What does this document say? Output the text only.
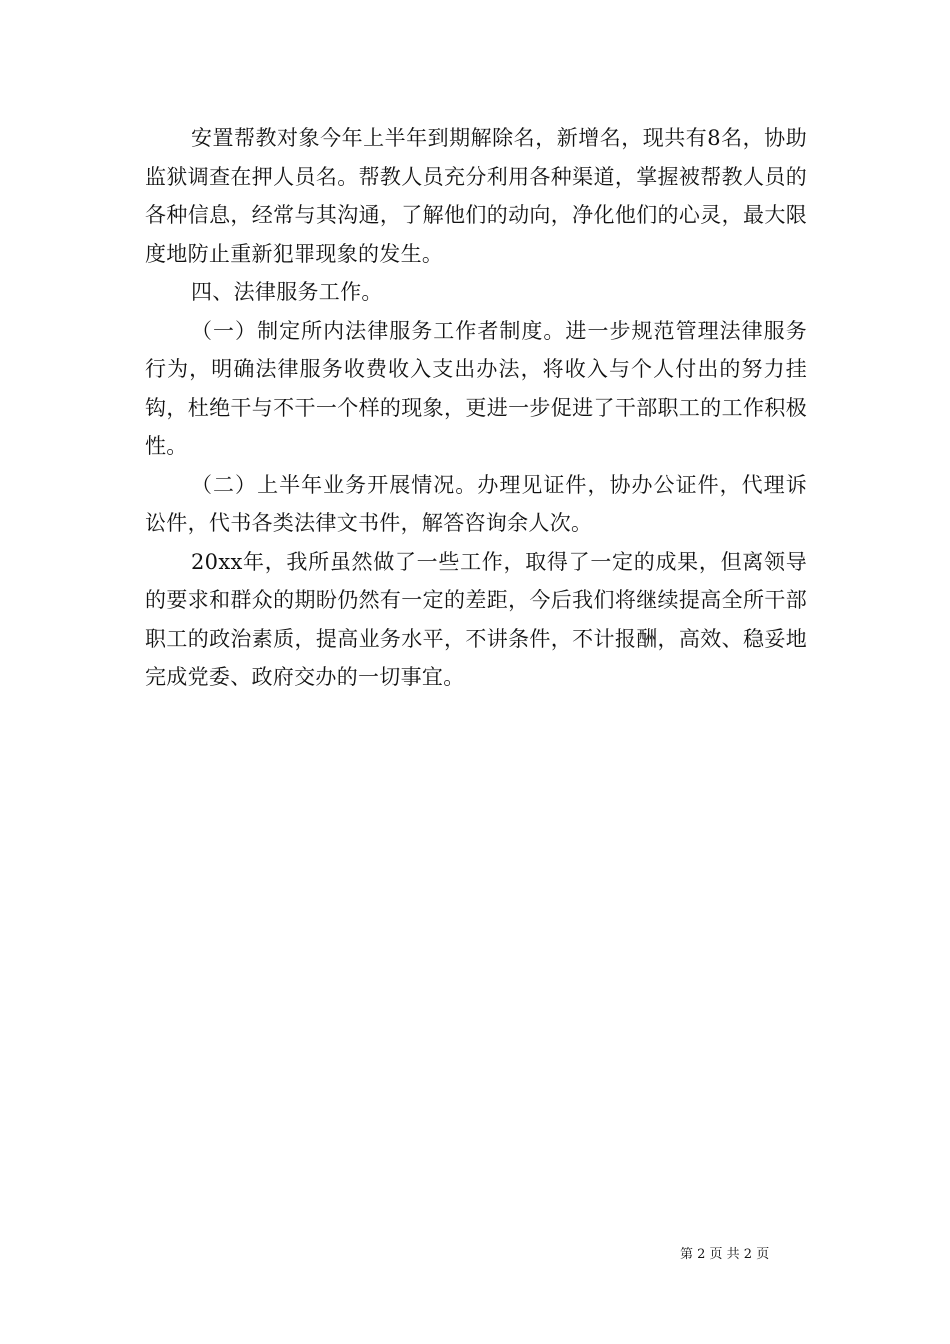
安置帮教对象今年上半年到期解除名，新增名，现共有8名，协助监狱调查在押人员名。帮教人员充分利用各种渠道，掌握被帮教人员的各种信息，经常与其沟通，了解他们的动向，净化他们的心灵，最大限度地防止重新犯罪现象的发生。

四、法律服务工作。

（一）制定所内法律服务工作者制度。进一步规范管理法律服务行为，明确法律服务收费收入支出办法，将收入与个人付出的努力挂钩，杜绝干与不干一个样的现象，更进一步促进了干部职工的工作积极性。

（二）上半年业务开展情况。办理见证件，协办公证件，代理诉讼件，代书各类法律文书件，解答咨询余人次。

20xx年，我所虽然做了一些工作，取得了一定的成果，但离领导的要求和群众的期盼仍然有一定的差距，今后我们将继续提高全所干部职工的政治素质，提高业务水平，不讲条件，不计报酬，高效、稳妥地完成党委、政府交办的一切事宜。

第 2 页 共 2 页
